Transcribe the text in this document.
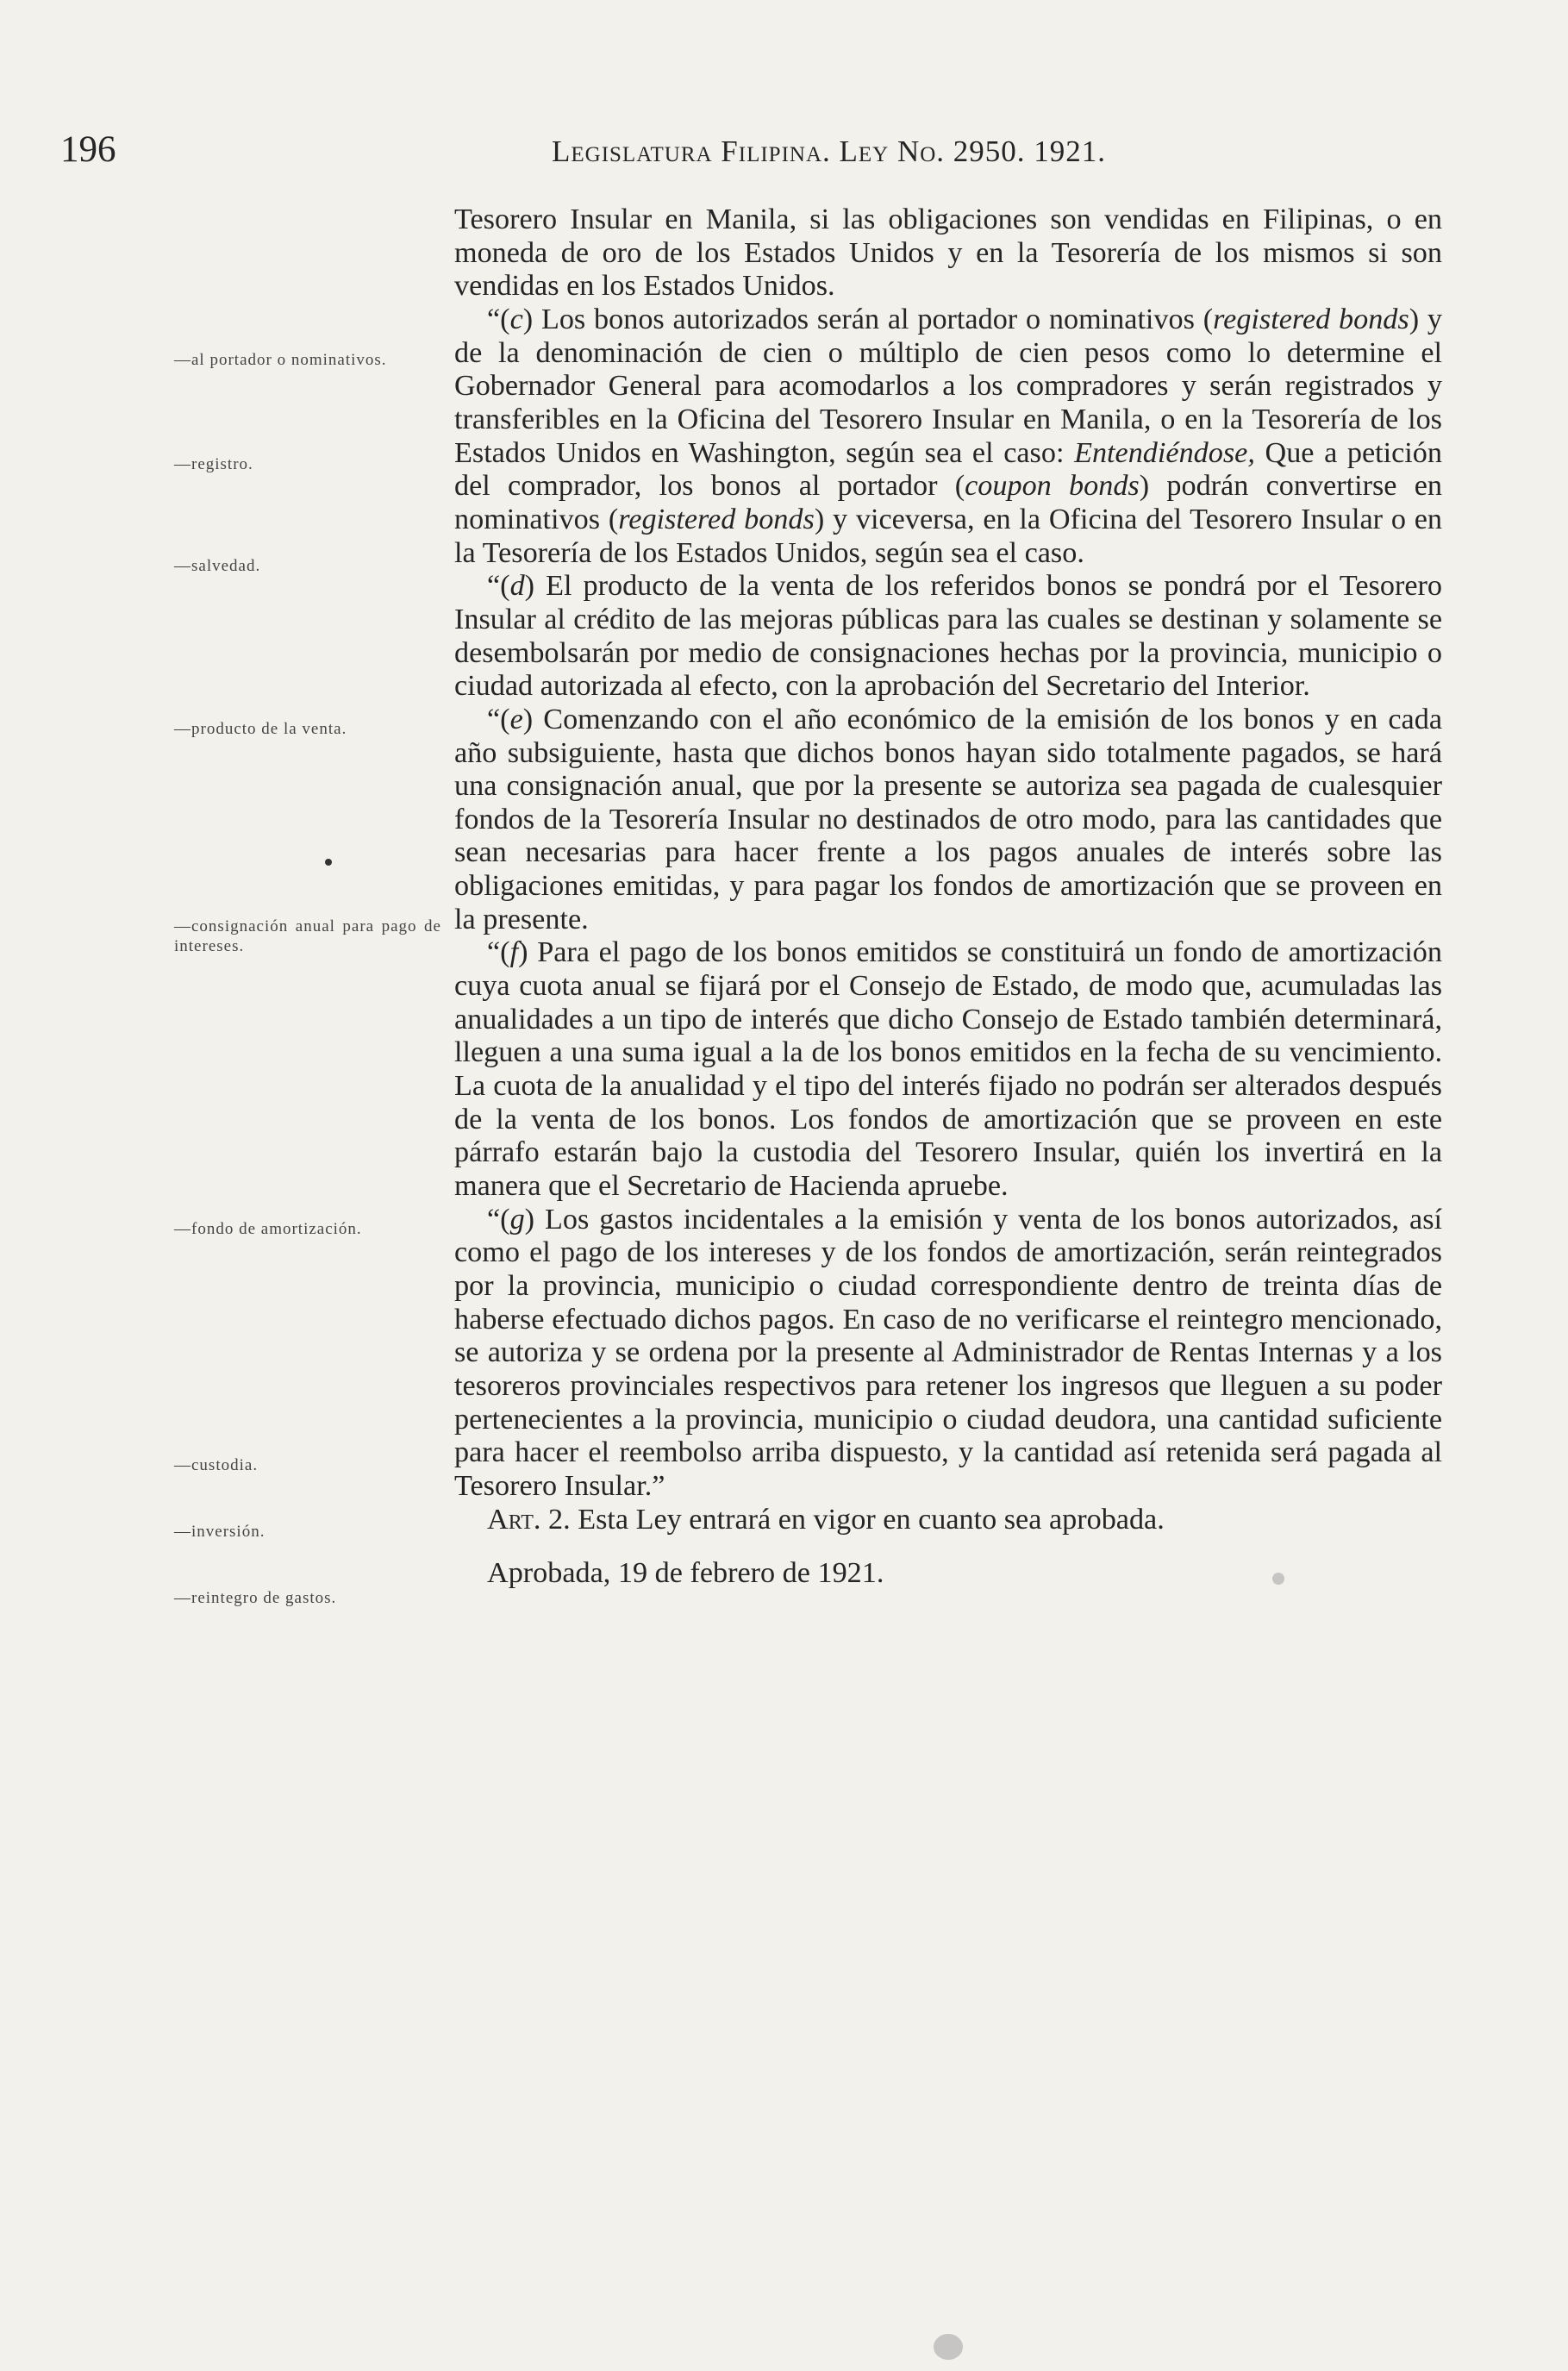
196	Legislatura Filipina. Ley No. 2950. 1921.
—al portador o nominativos.
—registro.
—salvedad.
—producto de la venta.
—consignación anual para pago de intereses.
—fondo de amortización.
—custodia.
—inversión.
—reintegro de gastos.

Tesorero Insular en Manila, si las obligaciones son vendidas en Filipinas, o en moneda de oro de los Estados Unidos y en la Tesorería de los mismos si son vendidas en los Estados Unidos.

“(c) Los bonos autorizados serán al portador o nominativos (registered bonds) y de la denominación de cien o múltiplo de cien pesos como lo determine el Gobernador General para acomodarlos a los compradores y serán registrados y transferibles en la Oficina del Tesorero Insular en Manila, o en la Tesorería de los Estados Unidos en Washington, según sea el caso: Entendiéndose, Que a petición del comprador, los bonos al portador (coupon bonds) podrán convertirse en nominativos (registered bonds) y viceversa, en la Oficina del Tesorero Insular o en la Tesorería de los Estados Unidos, según sea el caso.

“(d) El producto de la venta de los referidos bonos se pondrá por el Tesorero Insular al crédito de las mejoras públicas para las cuales se destinan y solamente se desembolsarán por medio de consignaciones hechas por la provincia, municipio o ciudad autorizada al efecto, con la aprobación del Secretario del Interior.

“(e) Comenzando con el año económico de la emisión de los bonos y en cada año subsiguiente, hasta que dichos bonos hayan sido totalmente pagados, se hará una consignación anual, que por la presente se autoriza sea pagada de cualesquier fondos de la Tesorería Insular no destinados de otro modo, para las cantidades que sean necesarias para hacer frente a los pagos anuales de interés sobre las obligaciones emitidas, y para pagar los fondos de amortización que se proveen en la presente.

“(f) Para el pago de los bonos emitidos se constituirá un fondo de amortización cuya cuota anual se fijará por el Consejo de Estado, de modo que, acumuladas las anualidades a un tipo de interés que dicho Consejo de Estado también determinará, lleguen a una suma igual a la de los bonos emitidos en la fecha de su vencimiento. La cuota de la anualidad y el tipo del interés fijado no podrán ser alterados después de la venta de los bonos. Los fondos de amortización que se proveen en este párrafo estarán bajo la custodia del Tesorero Insular, quién los invertirá en la manera que el Secretario de Hacienda apruebe.

“(g) Los gastos incidentales a la emisión y venta de los bonos autorizados, así como el pago de los intereses y de los fondos de amortización, serán reintegrados por la provincia, municipio o ciudad correspondiente dentro de treinta días de haberse efectuado dichos pagos. En caso de no verificarse el reintegro mencionado, se autoriza y se ordena por la presente al Administrador de Rentas Internas y a los tesoreros provinciales respectivos para retener los ingresos que lleguen a su poder pertenecientes a la provincia, municipio o ciudad deudora, una cantidad suficiente para hacer el reembolso arriba dispuesto, y la cantidad así retenida será pagada al Tesorero Insular.”

Art. 2. Esta Ley entrará en vigor en cuanto sea aprobada.

Aprobada, 19 de febrero de 1921.
